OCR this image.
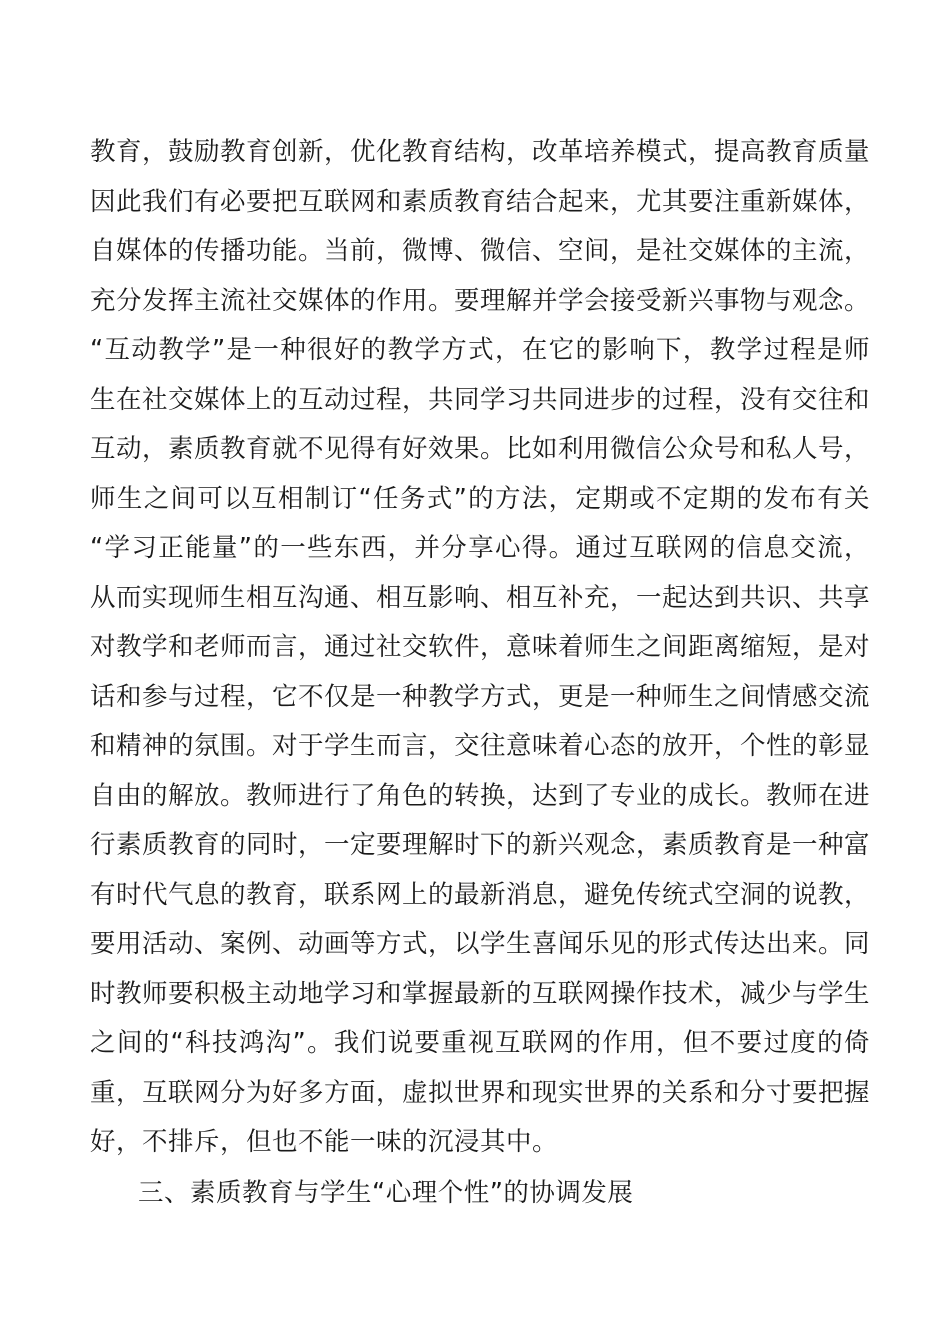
教育，鼓励教育创新，优化教育结构，改革培养模式，提高教育质量
因此我们有必要把互联网和素质教育结合起来，尤其要注重新媒体，
自媒体的传播功能。当前，微博、微信、空间，是社交媒体的主流，
充分发挥主流社交媒体的作用。要理解并学会接受新兴事物与观念。
“互动教学”是一种很好的教学方式，在它的影响下，教学过程是师
生在社交媒体上的互动过程，共同学习共同进步的过程，没有交往和
互动，素质教育就不见得有好效果。比如利用微信公众号和私人号，
师生之间可以互相制订“任务式”的方法，定期或不定期的发布有关
“学习正能量”的一些东西，并分享心得。通过互联网的信息交流，
从而实现师生相互沟通、相互影响、相互补充，一起达到共识、共享
对教学和老师而言，通过社交软件，意味着师生之间距离缩短，是对
话和参与过程，它不仅是一种教学方式，更是一种师生之间情感交流
和精神的氛围。对于学生而言，交往意味着心态的放开，个性的彰显
自由的解放。教师进行了角色的转换，达到了专业的成长。教师在进
行素质教育的同时，一定要理解时下的新兴观念，素质教育是一种富
有时代气息的教育，联系网上的最新消息，避免传统式空洞的说教，
要用活动、案例、动画等方式，以学生喜闻乐见的形式传达出来。同
时教师要积极主动地学习和掌握最新的互联网操作技术，减少与学生
之间的“科技鸿沟”。我们说要重视互联网的作用，但不要过度的倚
重，互联网分为好多方面，虚拟世界和现实世界的关系和分寸要把握
好，不排斥，但也不能一味的沉浸其中。
三、素质教育与学生“心理个性”的协调发展
